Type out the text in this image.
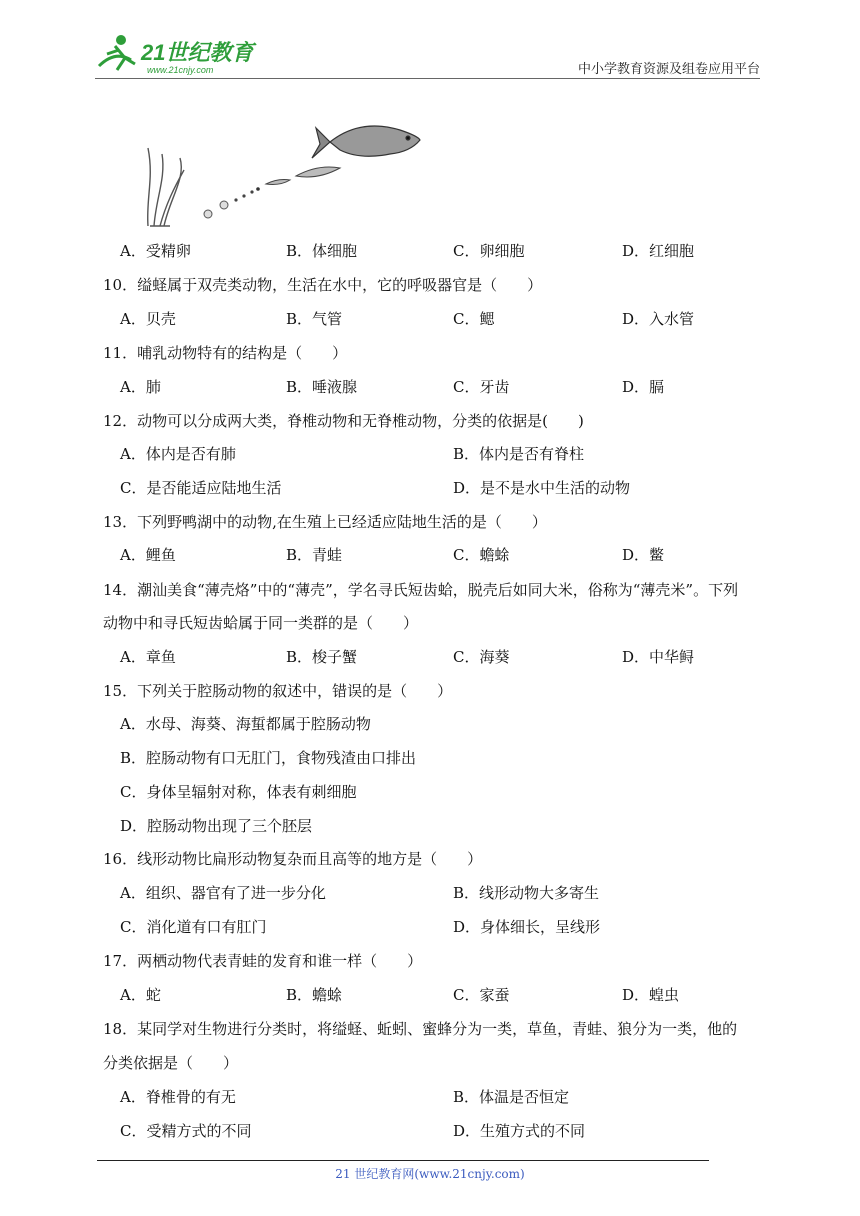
21世纪教育
www.21cnjy.com	中小学教育资源及组卷应用平台
A．受精卵	B．体细胞	C．卵细胞	D．红细胞
10．缢蛏属于双壳类动物，生活在水中，它的呼吸器官是（　　）
A．贝壳	B．气管	C．鳃	D．入水管
11．哺乳动物特有的结构是（　　）
A．肺	B．唾液腺	C．牙齿	D．膈
12．动物可以分成两大类，脊椎动物和无脊椎动物，分类的依据是(　　)
A．体内是否有肺	B．体内是否有脊柱
C．是否能适应陆地生活	D．是不是水中生活的动物
13．下列野鸭湖中的动物,在生殖上已经适应陆地生活的是（　　）
A．鲤鱼	B．青蛙	C．蟾蜍	D．鳖
14．潮汕美食“薄壳烙”中的“薄壳”，学名寻氏短齿蛤，脱壳后如同大米，俗称为“薄壳米”。下列
动物中和寻氏短齿蛤属于同一类群的是（　　）
A．章鱼	B．梭子蟹	C．海葵	D．中华鲟
15．下列关于腔肠动物的叙述中，错误的是（　　）
A．水母、海葵、海蜇都属于腔肠动物
B．腔肠动物有口无肛门，食物残渣由口排出
C．身体呈辐射对称，体表有刺细胞
D．腔肠动物出现了三个胚层
16．线形动物比扁形动物复杂而且高等的地方是（　　）
A．组织、器官有了进一步分化	B．线形动物大多寄生
C．消化道有口有肛门	D．身体细长，呈线形
17．两栖动物代表青蛙的发育和谁一样（　　）
A．蛇	B．蟾蜍	C．家蚕	D．蝗虫
18．某同学对生物进行分类时，将缢蛏、蚯蚓、蜜蜂分为一类，草鱼，青蛙、狼分为一类，他的
分类依据是（　　）
A．脊椎骨的有无	B．体温是否恒定
C．受精方式的不同	D．生殖方式的不同
21 世纪教育网(www.21cnjy.com)
